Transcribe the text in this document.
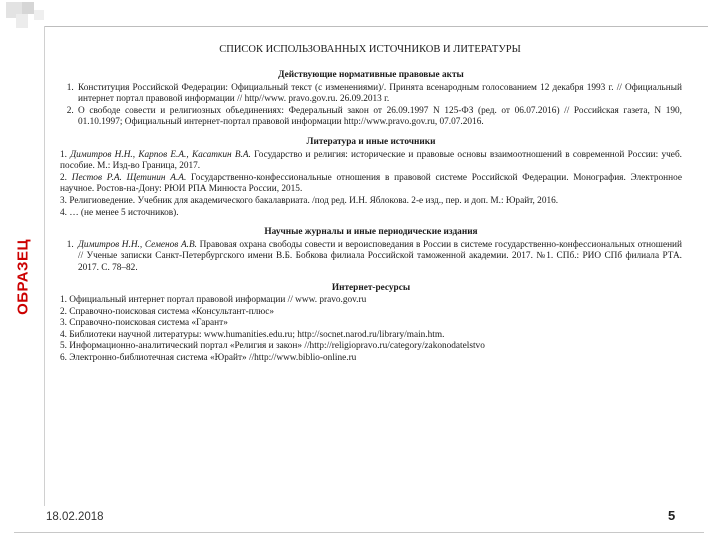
ОБРАЗЕЦ
СПИСОК ИСПОЛЬЗОВАННЫХ ИСТОЧНИКОВ И ЛИТЕРАТУРЫ

Действующие нормативные правовые акты

1. Конституция Российской Федерации: Официальный текст (с изменениями)/. Принята всенародным голосованием 12 декабря 1993 г. // Официальный интернет портал правовой информации // http//www. pravo.gov.ru. 26.09.2013 г.
2. О свободе совести и религиозных объединениях: Федеральный закон от 26.09.1997 N 125-ФЗ (ред. от 06.07.2016) // Российская газета, N 190, 01.10.1997; Официальный интернет-портал правовой информации http://www.pravo.gov.ru, 07.07.2016.

Литература и иные источники

1. Димитров Н.Н., Карпов Е.А., Касаткин В.А. Государство и религия: исторические и правовые основы взаимоотношений в современной России: учеб. пособие. М.: Изд-во Граница, 2017.

2. Пестов Р.А. Щетинин А.А. Государственно-конфессиональные отношения в правовой системе Российской Федерации. Монография. Электронное научное. Ростов-на-Дону: РЮИ РПА Минюста России, 2015.

3. Религиоведение. Учебник для академического бакалавриата. /под ред. И.Н. Яблокова. 2-е изд., пер. и доп. М.: Юрайт, 2016.

4. … (не менее 5 источников).

Научные журналы и иные периодические издания

1. Димитров Н.Н., Семенов А.В. Правовая охрана свободы совести и вероисповедания в России в системе государственно-конфессиональных отношений // Ученые записки Санкт-Петербургского имени В.Б. Бобкова филиала Российской таможенной академии. 2017. №1. СПб.: РИО СПб филиала РТА. 2017. С. 78–82.

Интернет-ресурсы

1. Официальный интернет портал правовой информации // www. pravo.gov.ru

2. Справочно-поисковая система «Консультант-плюс»

3. Справочно-поисковая система «Гарант»

4. Библиотеки научной литературы: www.humanities.edu.ru; http://socnet.narod.ru/library/main.htm.

5. Информационно-аналитический портал «Религия и закон» //http://religiopravo.ru/category/zakonodatelstvo

6. Электронно-библиотечная система «Юрайт» //http://www.biblio-online.ru

18.02.2018	5
